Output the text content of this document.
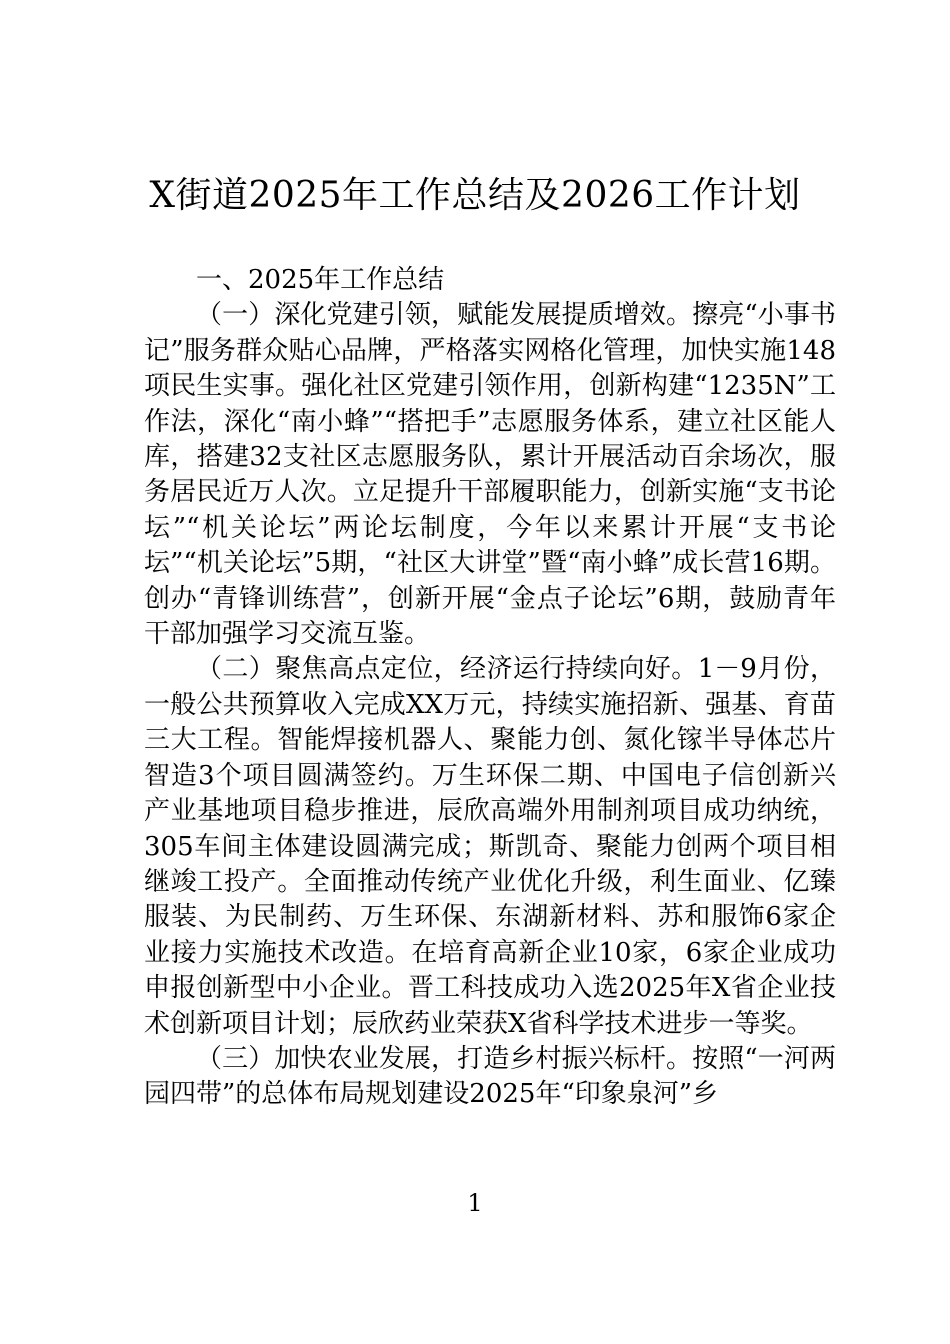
X街道2025年工作总结及2026工作计划
一、2025年工作总结

（一）深化党建引领，赋能发展提质增效。擦亮“小事书记”服务群众贴心品牌，严格落实网格化管理，加快实施148项民生实事。强化社区党建引领作用，创新构建“1235N”工作法，深化“南小蜂”“搭把手”志愿服务体系，建立社区能人库，搭建32支社区志愿服务队，累计开展活动百余场次，服务居民近万人次。立足提升干部履职能力，创新实施“支书论坛”“机关论坛”两论坛制度，今年以来累计开展“支书论坛”“机关论坛”5期，“社区大讲堂”暨“南小蜂”成长营16期。创办“青锋训练营”，创新开展“金点子论坛”6期，鼓励青年干部加强学习交流互鉴。

（二）聚焦高点定位，经济运行持续向好。1－9月份，一般公共预算收入完成XX万元，持续实施招新、强基、育苗三大工程。智能焊接机器人、聚能力创、氮化镓半导体芯片智造3个项目圆满签约。万生环保二期、中国电子信创新兴产业基地项目稳步推进，辰欣高端外用制剂项目成功纳统，305车间主体建设圆满完成；斯凯奇、聚能力创两个项目相继竣工投产。全面推动传统产业优化升级，利生面业、亿臻服装、为民制药、万生环保、东湖新材料、苏和服饰6家企业接力实施技术改造。在培育高新企业10家，6家企业成功申报创新型中小企业。晋工科技成功入选2025年X省企业技术创新项目计划；辰欣药业荣获X省科学技术进步一等奖。

（三）加快农业发展，打造乡村振兴标杆。按照“一河两园四带”的总体布局规划建设2025年“印象泉河”乡

1
